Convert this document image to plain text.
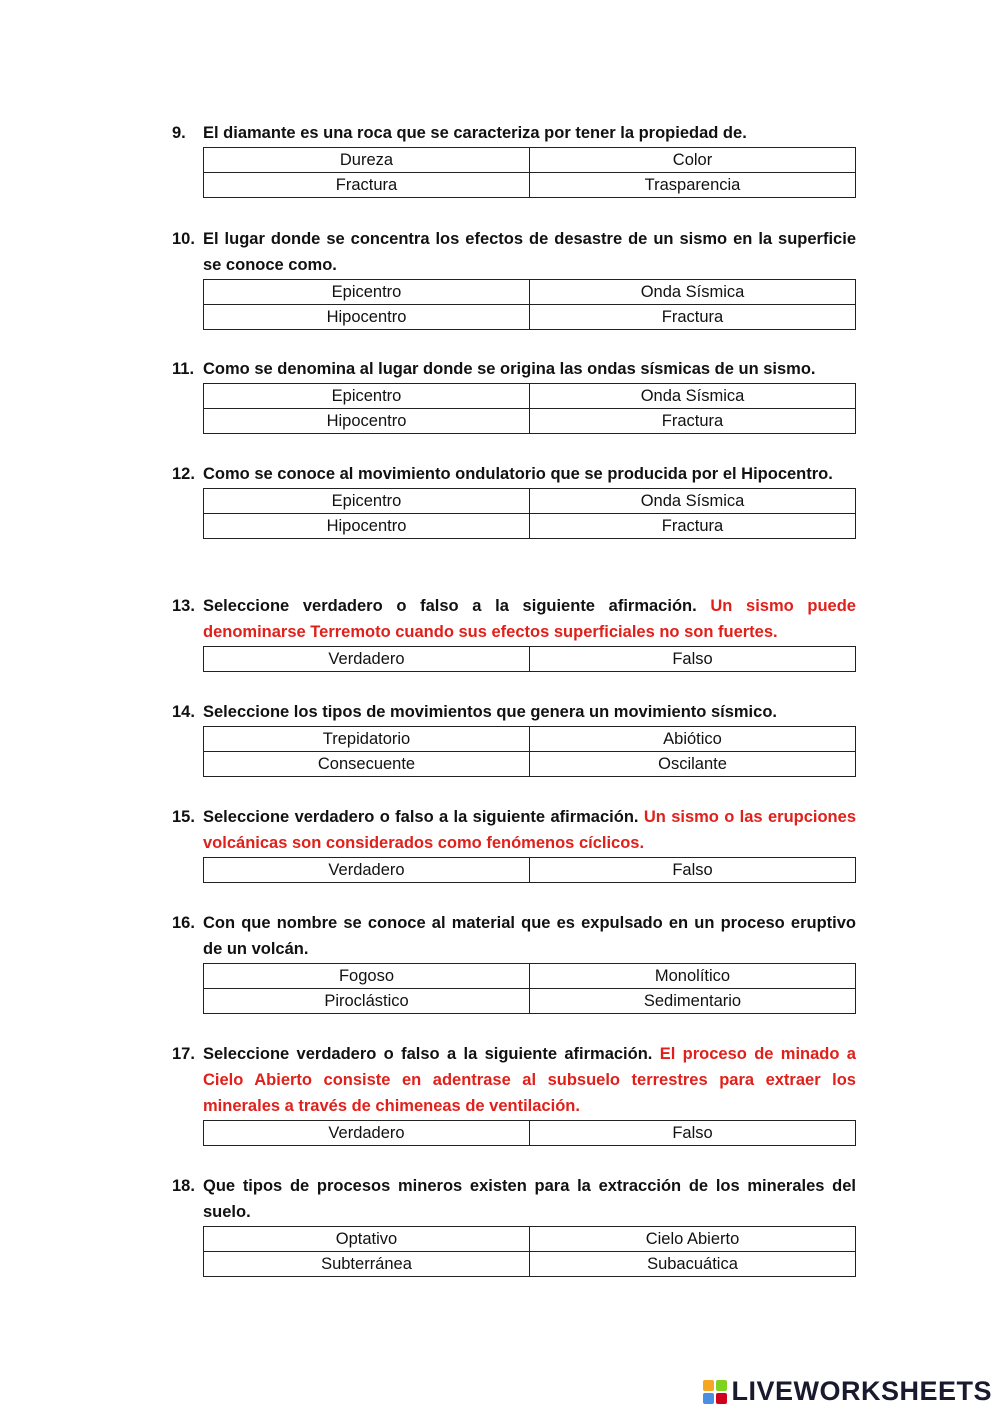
9.	El diamante es una roca que se caracteriza por tener la propiedad de.
Dureza	Color
Fractura	Trasparencia
10. El lugar donde se concentra los efectos de desastre de un sismo en la superficie se conoce como.
Epicentro	Onda Sísmica
Hipocentro	Fractura
11. Como se denomina al lugar donde se origina las ondas sísmicas de un sismo.
Epicentro	Onda Sísmica
Hipocentro	Fractura
12. Como se conoce al movimiento ondulatorio que se producida por el Hipocentro.
Epicentro	Onda Sísmica
Hipocentro	Fractura
13. Seleccione verdadero o falso a la siguiente afirmación. Un sismo puede denominarse Terremoto cuando sus efectos superficiales no son fuertes.
Verdadero	Falso
14. Seleccione los tipos de movimientos que genera un movimiento sísmico.
Trepidatorio	Abiótico
Consecuente	Oscilante
15. Seleccione verdadero o falso a la siguiente afirmación. Un sismo o las erupciones volcánicas son considerados como fenómenos cíclicos.
Verdadero	Falso
16. Con que nombre se conoce al material que es expulsado en un proceso eruptivo de un volcán.
Fogoso	Monolítico
Piroclástico	Sedimentario
17. Seleccione verdadero o falso a la siguiente afirmación. El proceso de minado a Cielo Abierto consiste en adentrase al subsuelo terrestres para extraer los minerales a través de chimeneas de ventilación.
Verdadero	Falso
18. Que tipos de procesos mineros existen para la extracción de los minerales del suelo.
Optativo	Cielo Abierto
Subterránea	Subacuática
LIVEWORKSHEETS
